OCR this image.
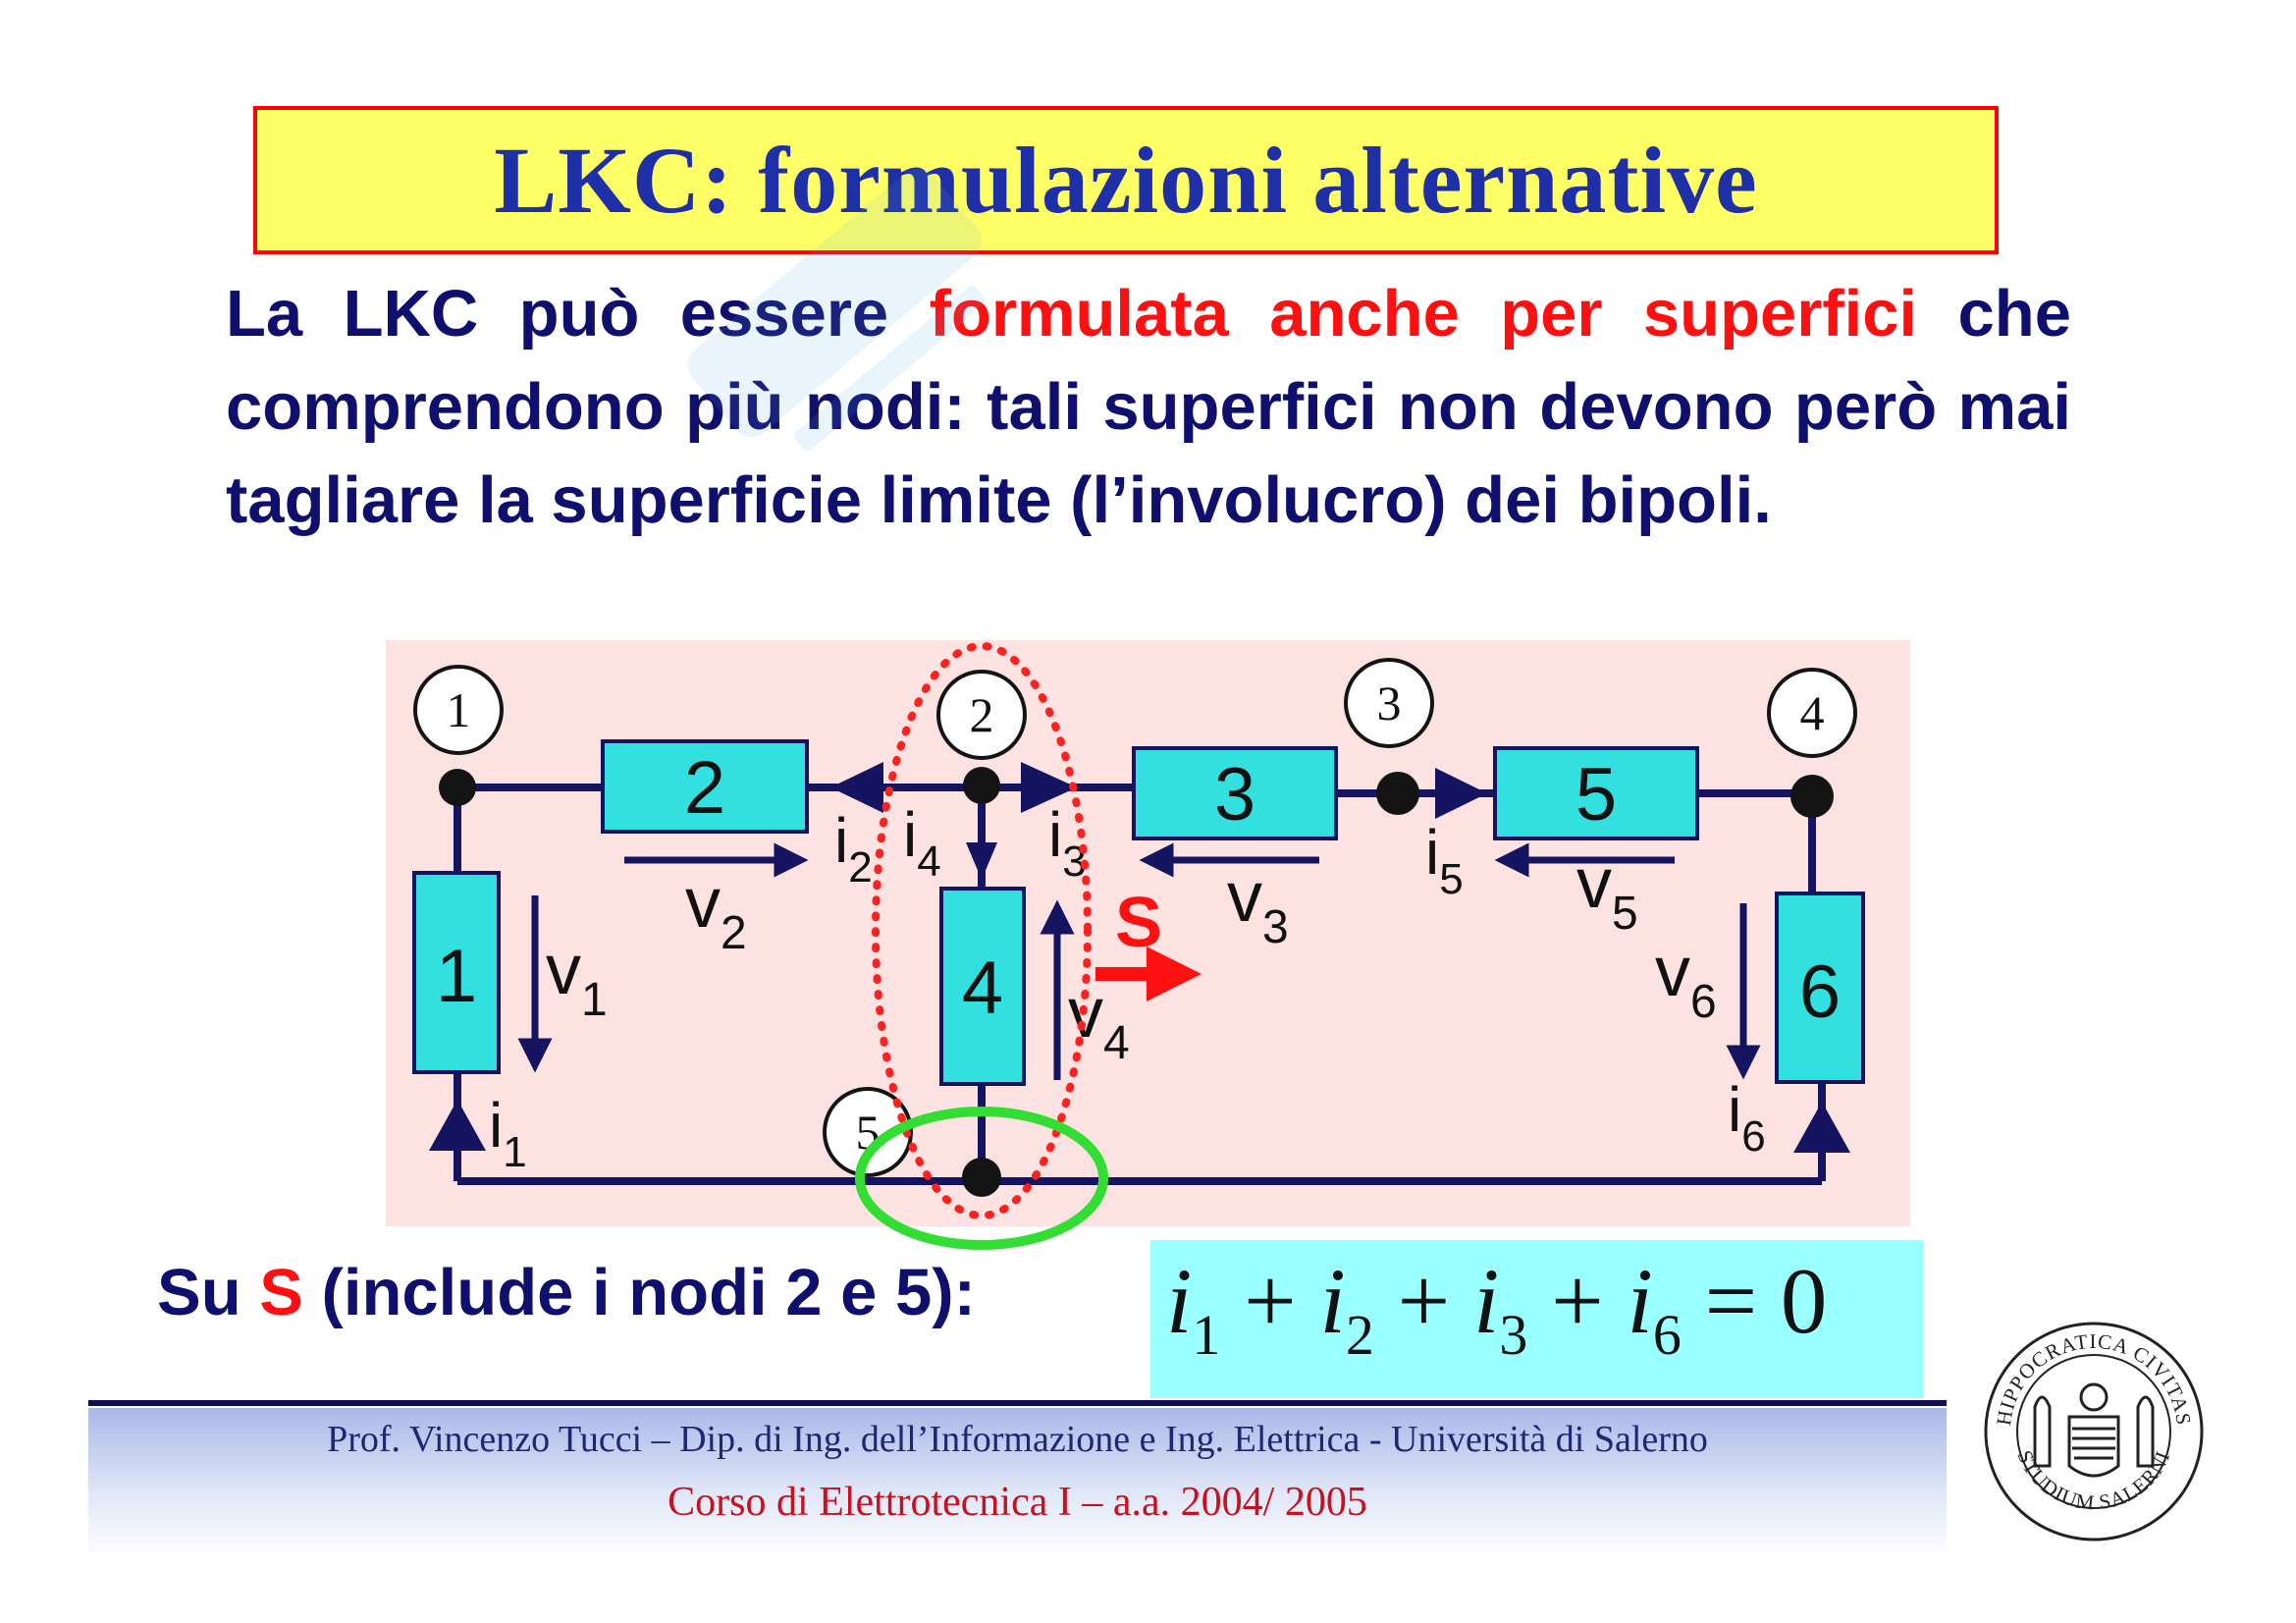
LKC: formulazioni alternative

La LKC può essere formulata anche per superfici che comprendono più nodi: tali superfici non devono però mai tagliare la superficie limite (l’involucro) dei bipoli.

1
2	3
4
5
6
1	2	3	4
5
$i_1$
$i_2$ $i_4$ $i_3$	$i_5$
$i_6$
$v_1$
$v_2$	$v_3$
$v_4$
$v_5$
$v_6$
S
Su S (include i nodi 2 e 5): $i_1 + i_2 + i_3 + i_6 = 0$
Prof. Vincenzo Tucci – Dip. di Ing. dell’Informazione e Ing. Elettrica - Università di Salerno
Corso di Elettrotecnica I – a.a. 2004/ 2005
HIPPOCRATICA CIVITAS
STUDIUM SALERNI
